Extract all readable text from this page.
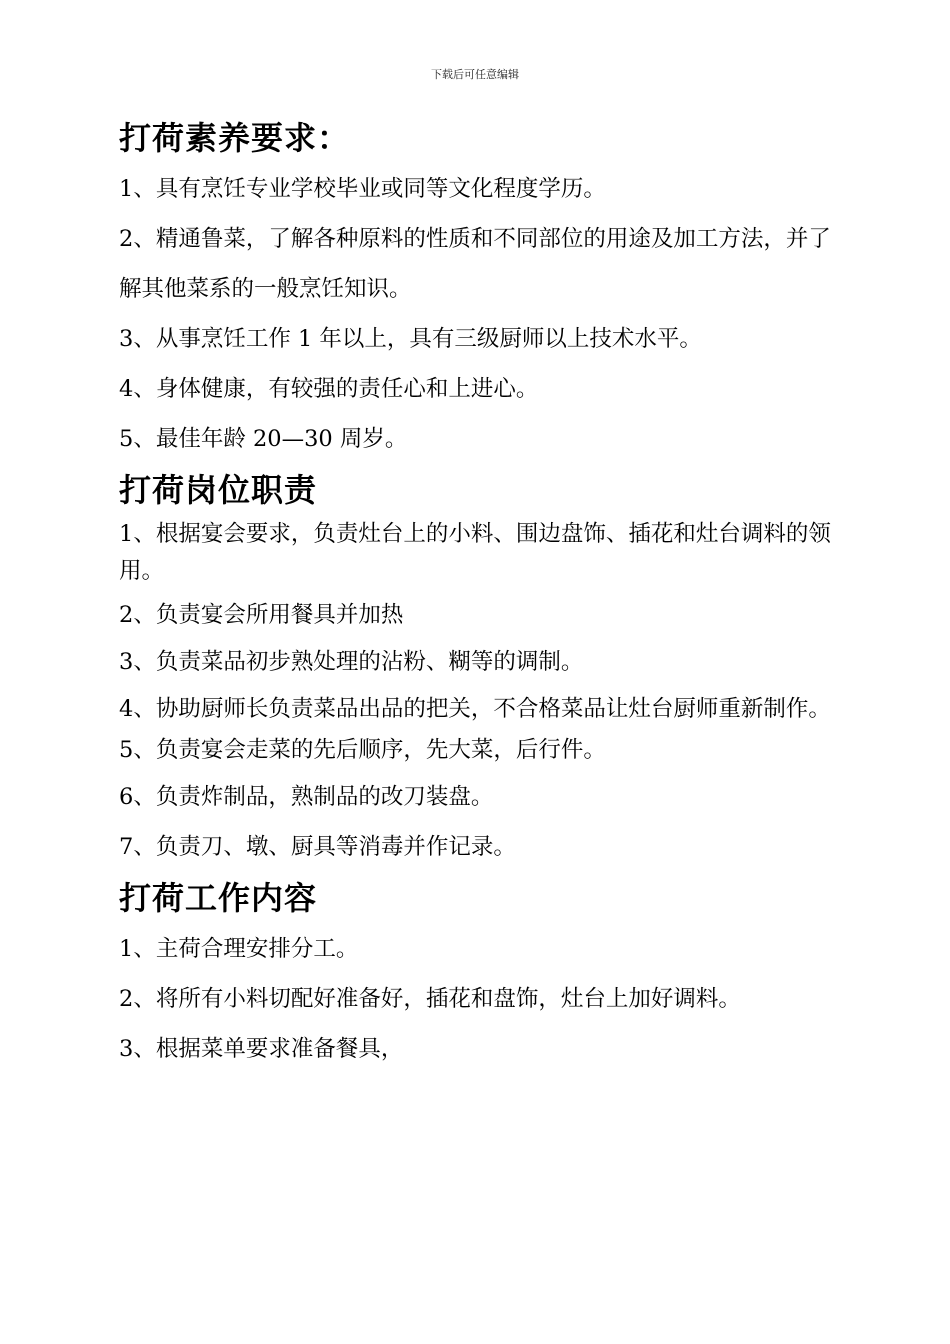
下载后可任意编辑
打荷素养要求：

1、具有烹饪专业学校毕业或同等文化程度学历。

2、精通鲁菜，了解各种原料的性质和不同部位的用途及加工方法，并了解其他菜系的一般烹饪知识。

3、从事烹饪工作 1 年以上，具有三级厨师以上技术水平。

4、身体健康，有较强的责任心和上进心。

5、最佳年龄 20—30 周岁。

打荷岗位职责

1、根据宴会要求，负责灶台上的小料、围边盘饰、插花和灶台调料的领用。

2、负责宴会所用餐具并加热

3、负责菜品初步熟处理的沾粉、糊等的调制。

4、协助厨师长负责菜品出品的把关，不合格菜品让灶台厨师重新制作。

5、负责宴会走菜的先后顺序，先大菜，后行件。

6、负责炸制品，熟制品的改刀装盘。

7、负责刀、墩、厨具等消毒并作记录。

打荷工作内容

1、主荷合理安排分工。

2、将所有小料切配好准备好，插花和盘饰，灶台上加好调料。

3、根据菜单要求准备餐具，
